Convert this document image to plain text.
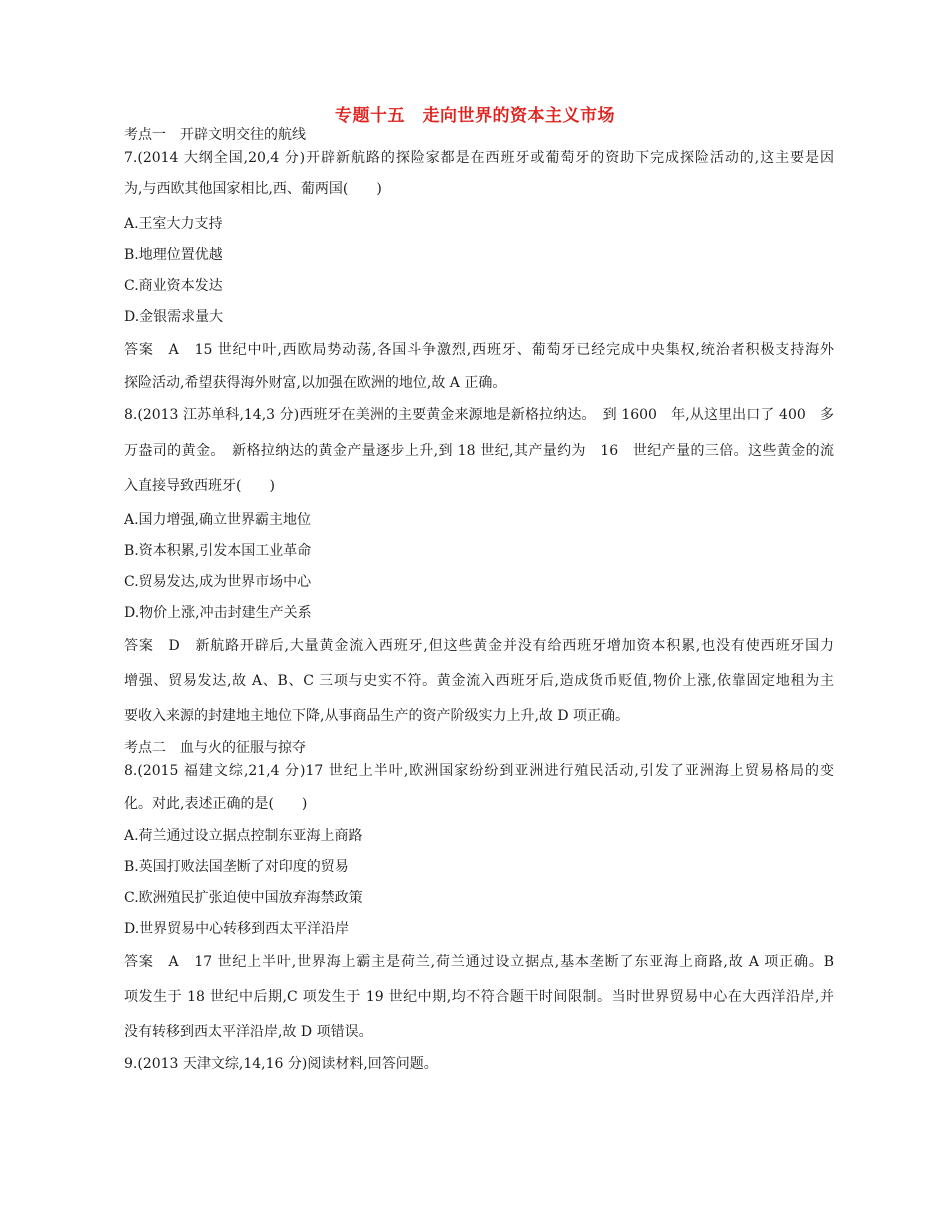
专题十五　走向世界的资本主义市场
考点一　开辟文明交往的航线
7.(2014 大纲全国,20,4 分)开辟新航路的探险家都是在西班牙或葡萄牙的资助下完成探险活动的,这主要是因
为,与西欧其他国家相比,西、葡两国(　　)
A.王室大力支持
B.地理位置优越
C.商业资本发达
D.金银需求量大
答案　A　15 世纪中叶,西欧局势动荡,各国斗争激烈,西班牙、葡萄牙已经完成中央集权,统治者积极支持海外
探险活动,希望获得海外财富,以加强在欧洲的地位,故 A 正确。
8.(2013 江苏单科,14,3 分)西班牙在美洲的主要黄金来源地是新格拉纳达。　到 1600　年,从这里出口了 400　多
万盎司的黄金。　新格拉纳达的黄金产量逐步上升,到 18 世纪,其产量约为　16　世纪产量的三倍。这些黄金的流
入直接导致西班牙(　　)
A.国力增强,确立世界霸主地位
B.资本积累,引发本国工业革命
C.贸易发达,成为世界市场中心
D.物价上涨,冲击封建生产关系
答案　D　新航路开辟后,大量黄金流入西班牙,但这些黄金并没有给西班牙增加资本积累,也没有使西班牙国力
增强、贸易发达,故 A、B、C 三项与史实不符。黄金流入西班牙后,造成货币贬值,物价上涨,依靠固定地租为主
要收入来源的封建地主地位下降,从事商品生产的资产阶级实力上升,故 D 项正确。
考点二　血与火的征服与掠夺
8.(2015 福建文综,21,4 分)17 世纪上半叶,欧洲国家纷纷到亚洲进行殖民活动,引发了亚洲海上贸易格局的变
化。对此,表述正确的是(　　)
A.荷兰通过设立据点控制东亚海上商路
B.英国打败法国垄断了对印度的贸易
C.欧洲殖民扩张迫使中国放弃海禁政策
D.世界贸易中心转移到西太平洋沿岸
答案　A　17 世纪上半叶,世界海上霸主是荷兰,荷兰通过设立据点,基本垄断了东亚海上商路,故 A 项正确。B
项发生于 18 世纪中后期,C 项发生于 19 世纪中期,均不符合题干时间限制。当时世界贸易中心在大西洋沿岸,并
没有转移到西太平洋沿岸,故 D 项错误。
9.(2013 天津文综,14,16 分)阅读材料,回答问题。
